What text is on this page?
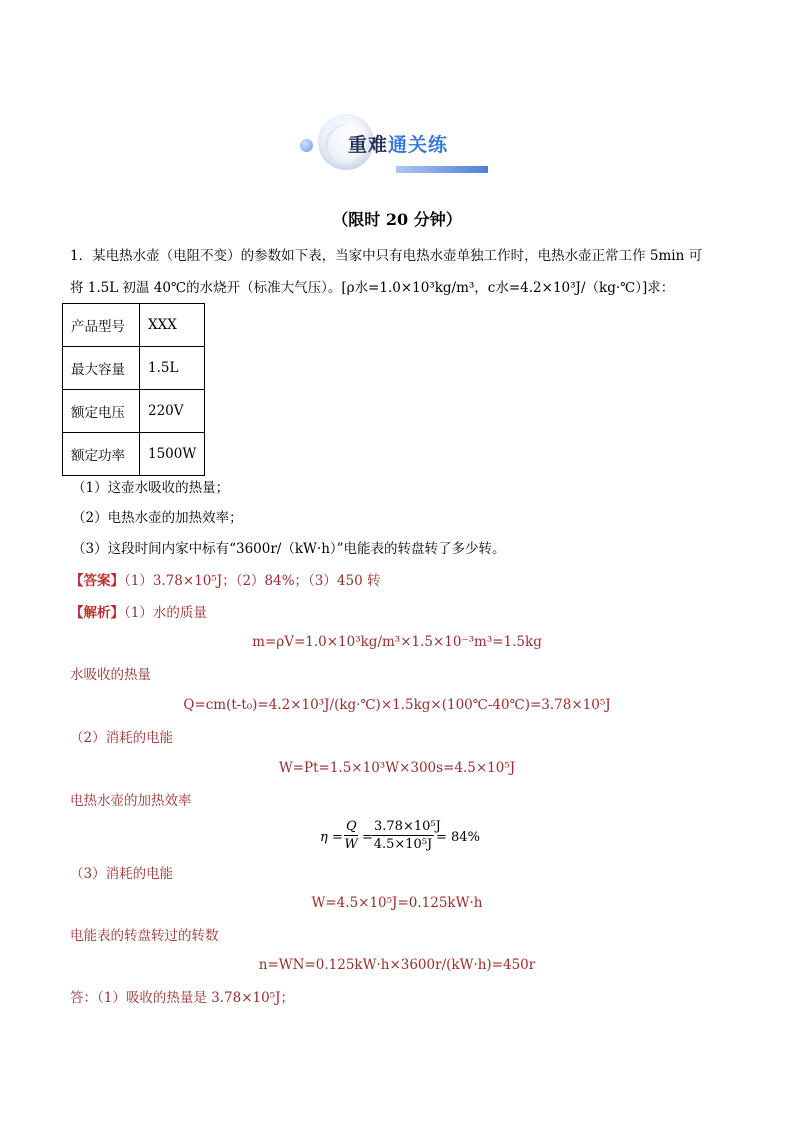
重难通关练
（限时 20 分钟）
1．某电热水壶（电阻不变）的参数如下表，当家中只有电热水壶单独工作时，电热水壶正常工作 5min 可
将 1.5L 初温 40℃的水烧开（标准大气压）。[ρ水=1.0×10³kg/m³，c水=4.2×10³J/（kg·℃）]求：
产品型号	XXX
最大容量	1.5L
额定电压	220V
额定功率	1500W
（1）这壶水吸收的热量；
（2）电热水壶的加热效率；
（3）这段时间内家中标有“3600r/（kW·h）”电能表的转盘转了多少转。
【答案】（1）3.78×10⁵J；（2）84%；（3）450 转
【解析】（1）水的质量
m=ρV=1.0×10³kg/m³×1.5×10⁻³m³=1.5kg
水吸收的热量
Q=cm(t-t₀)=4.2×10³J/(kg·℃)×1.5kg×(100℃-40℃)=3.78×10⁵J
（2）消耗的电能
W=Pt=1.5×10³W×300s=4.5×10⁵J
电热水壶的加热效率
$\eta = \frac{Q}{W} = \frac{\text{3.78×10⁵J}}{\text{4.5×10⁵J}} = 84\%$
（3）消耗的电能
W=4.5×10⁵J=0.125kW·h
电能表的转盘转过的转数
n=WN=0.125kW·h×3600r/(kW·h)=450r
答：（1）吸收的热量是 3.78×10⁵J；
